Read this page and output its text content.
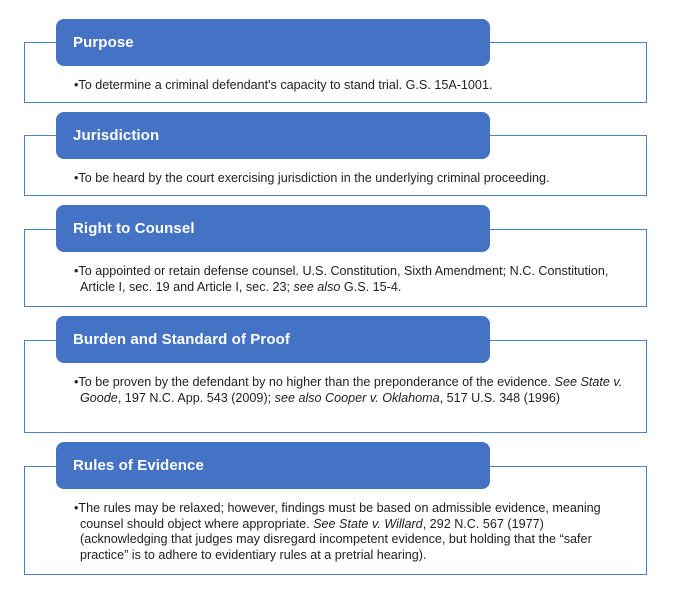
Purpose
•To determine a criminal defendant's capacity to stand trial. G.S. 15A-1001.
Jurisdiction
•To be heard by the court exercising jurisdiction in the underlying criminal proceeding.
Right to Counsel
•To appointed or retain defense counsel. U.S. Constitution, Sixth Amendment; N.C. Constitution, Article I, sec. 19 and Article I, sec. 23; see also G.S. 15-4.
Burden and Standard of Proof
•To be proven by the defendant by no higher than the preponderance of the evidence. See State v. Goode, 197 N.C. App. 543 (2009); see also Cooper v. Oklahoma, 517 U.S. 348 (1996)
Rules of Evidence
•The rules may be relaxed; however, findings must be based on admissible evidence, meaning counsel should object where appropriate. See State v. Willard, 292 N.C. 567 (1977) (acknowledging that judges may disregard incompetent evidence, but holding that the “safer practice” is to adhere to evidentiary rules at a pretrial hearing).
